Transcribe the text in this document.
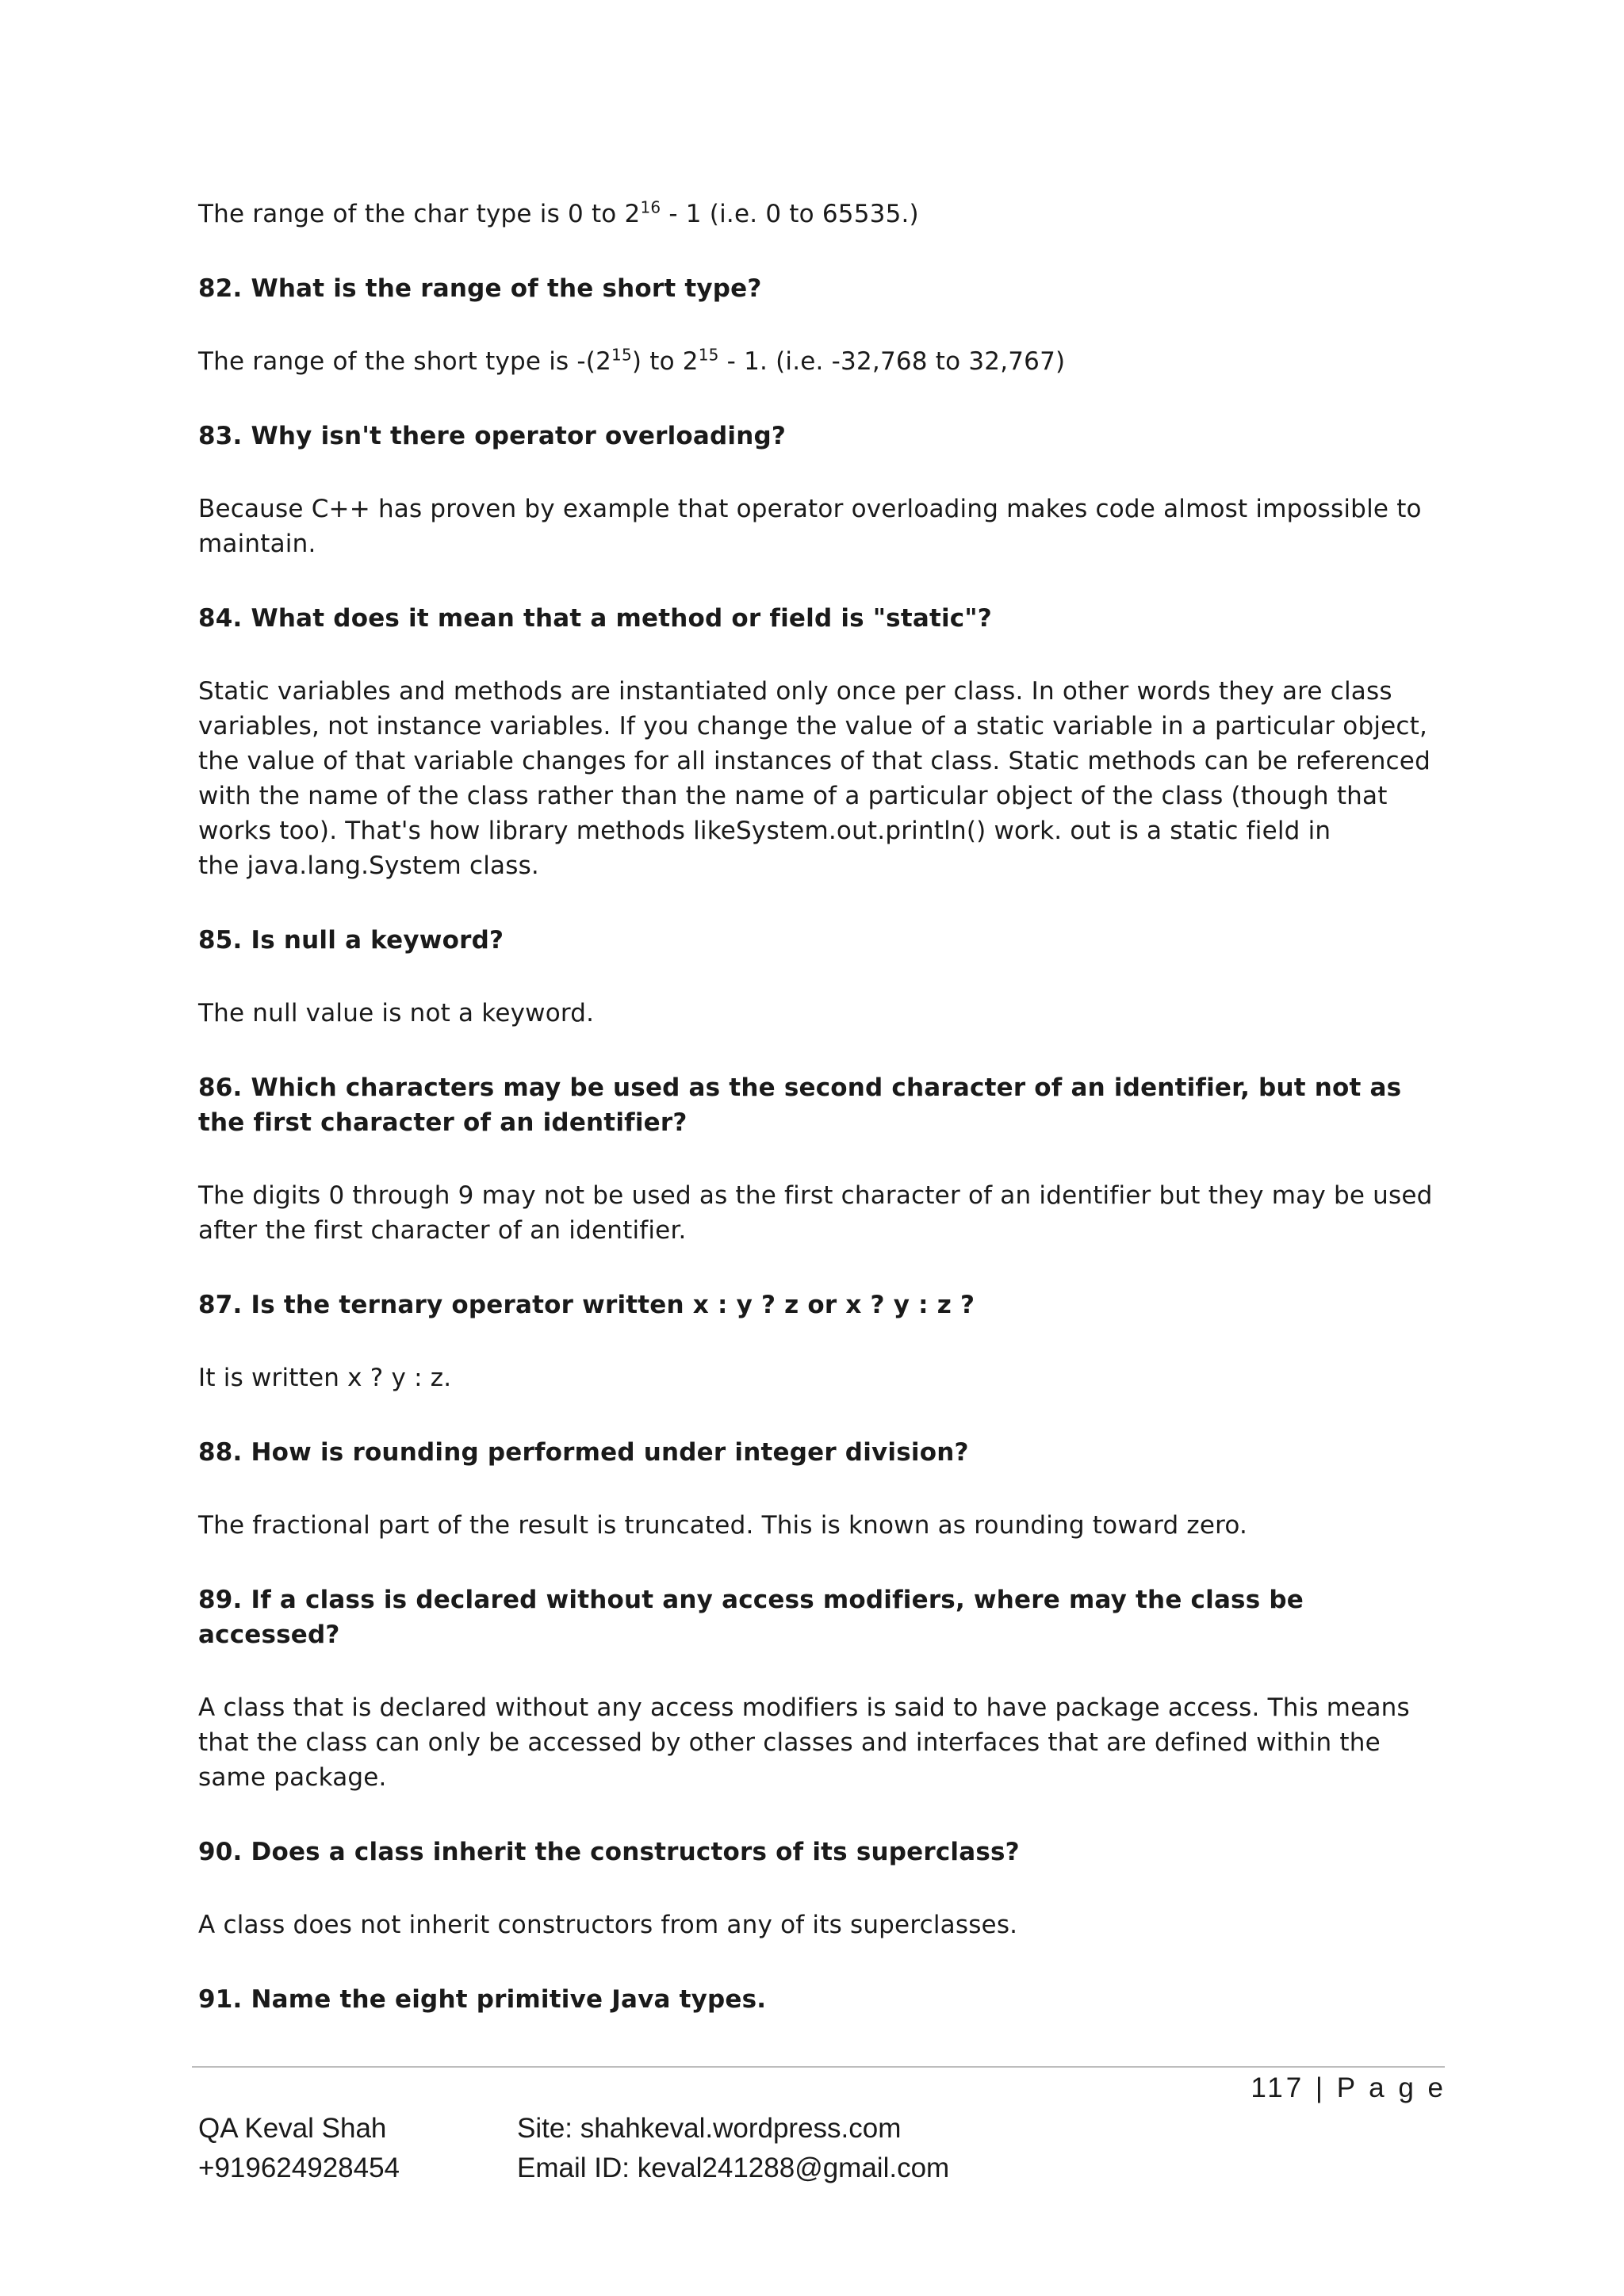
The range of the char type is 0 to $2^{16} - 1$ (i.e. 0 to 65535.)

82. What is the range of the short type?

The range of the short type is $-(2^{15})$ to $2^{15} - 1$. (i.e. -32,768 to 32,767)

83. Why isn't there operator overloading?

Because C++ has proven by example that operator overloading makes code almost impossible to

maintain.

84. What does it mean that a method or field is "static"?

Static variables and methods are instantiated only once per class. In other words they are class

variables, not instance variables. If you change the value of a static variable in a particular object,

the value of that variable changes for all instances of that class. Static methods can be referenced

with the name of the class rather than the name of a particular object of the class (though that

works too). That's how library methods likeSystem.out.println() work. out is a static field in

the java.lang.System class.

85. Is null a keyword?

The null value is not a keyword.

86. Which characters may be used as the second character of an identifier, but not as

the first character of an identifier?

The digits 0 through 9 may not be used as the first character of an identifier but they may be used

after the first character of an identifier.

87. Is the ternary operator written x : y ? z or x ? y : z ?

It is written x ? y : z.

88. How is rounding performed under integer division?

The fractional part of the result is truncated. This is known as rounding toward zero.

89. If a class is declared without any access modifiers, where may the class be

accessed?

A class that is declared without any access modifiers is said to have package access. This means

that the class can only be accessed by other classes and interfaces that are defined within the

same package.

90. Does a class inherit the constructors of its superclass?

A class does not inherit constructors from any of its superclasses.

91. Name the eight primitive Java types.

117 | P a g e
QA Keval Shah
+919624928454
Site: shahkeval.wordpress.com
Email ID: keval241288@gmail.com
